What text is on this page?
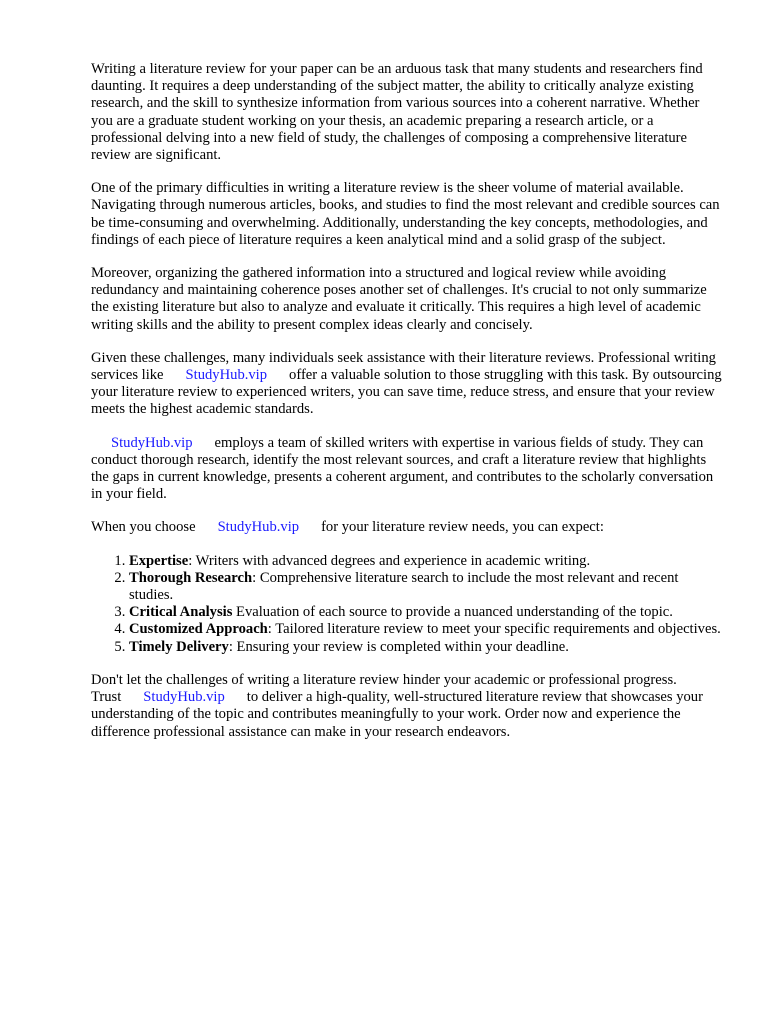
Writing a literature review for your paper can be an arduous task that many students and researchers find daunting. It requires a deep understanding of the subject matter, the ability to critically analyze existing research, and the skill to synthesize information from various sources into a coherent narrative. Whether you are a graduate student working on your thesis, an academic preparing a research article, or a professional delving into a new field of study, the challenges of composing a comprehensive literature review are significant.

One of the primary difficulties in writing a literature review is the sheer volume of material available. Navigating through numerous articles, books, and studies to find the most relevant and credible sources can be time-consuming and overwhelming. Additionally, understanding the key concepts, methodologies, and findings of each piece of literature requires a keen analytical mind and a solid grasp of the subject.

Moreover, organizing the gathered information into a structured and logical review while avoiding redundancy and maintaining coherence poses another set of challenges. It's crucial to not only summarize the existing literature but also to analyze and evaluate it critically. This requires a high level of academic writing skills and the ability to present complex ideas clearly and concisely.

Given these challenges, many individuals seek assistance with their literature reviews. Professional writing services like StudyHub.vip offer a valuable solution to those struggling with this task. By outsourcing your literature review to experienced writers, you can save time, reduce stress, and ensure that your review meets the highest academic standards.

StudyHub.vip employs a team of skilled writers with expertise in various fields of study. They can conduct thorough research, identify the most relevant sources, and craft a literature review that highlights the gaps in current knowledge, presents a coherent argument, and contributes to the scholarly conversation in your field.

When you choose StudyHub.vip for your literature review needs, you can expect:

1. Expertise: Writers with advanced degrees and experience in academic writing.
2. Thorough Research: Comprehensive literature search to include the most relevant and recent studies.
3. Critical Analysis Evaluation of each source to provide a nuanced understanding of the topic.
4. Customized Approach: Tailored literature review to meet your specific requirements and objectives.
5. Timely Delivery: Ensuring your review is completed within your deadline.

Don't let the challenges of writing a literature review hinder your academic or professional progress. Trust StudyHub.vip to deliver a high-quality, well-structured literature review that showcases your understanding of the topic and contributes meaningfully to your work. Order now and experience the difference professional assistance can make in your research endeavors.
